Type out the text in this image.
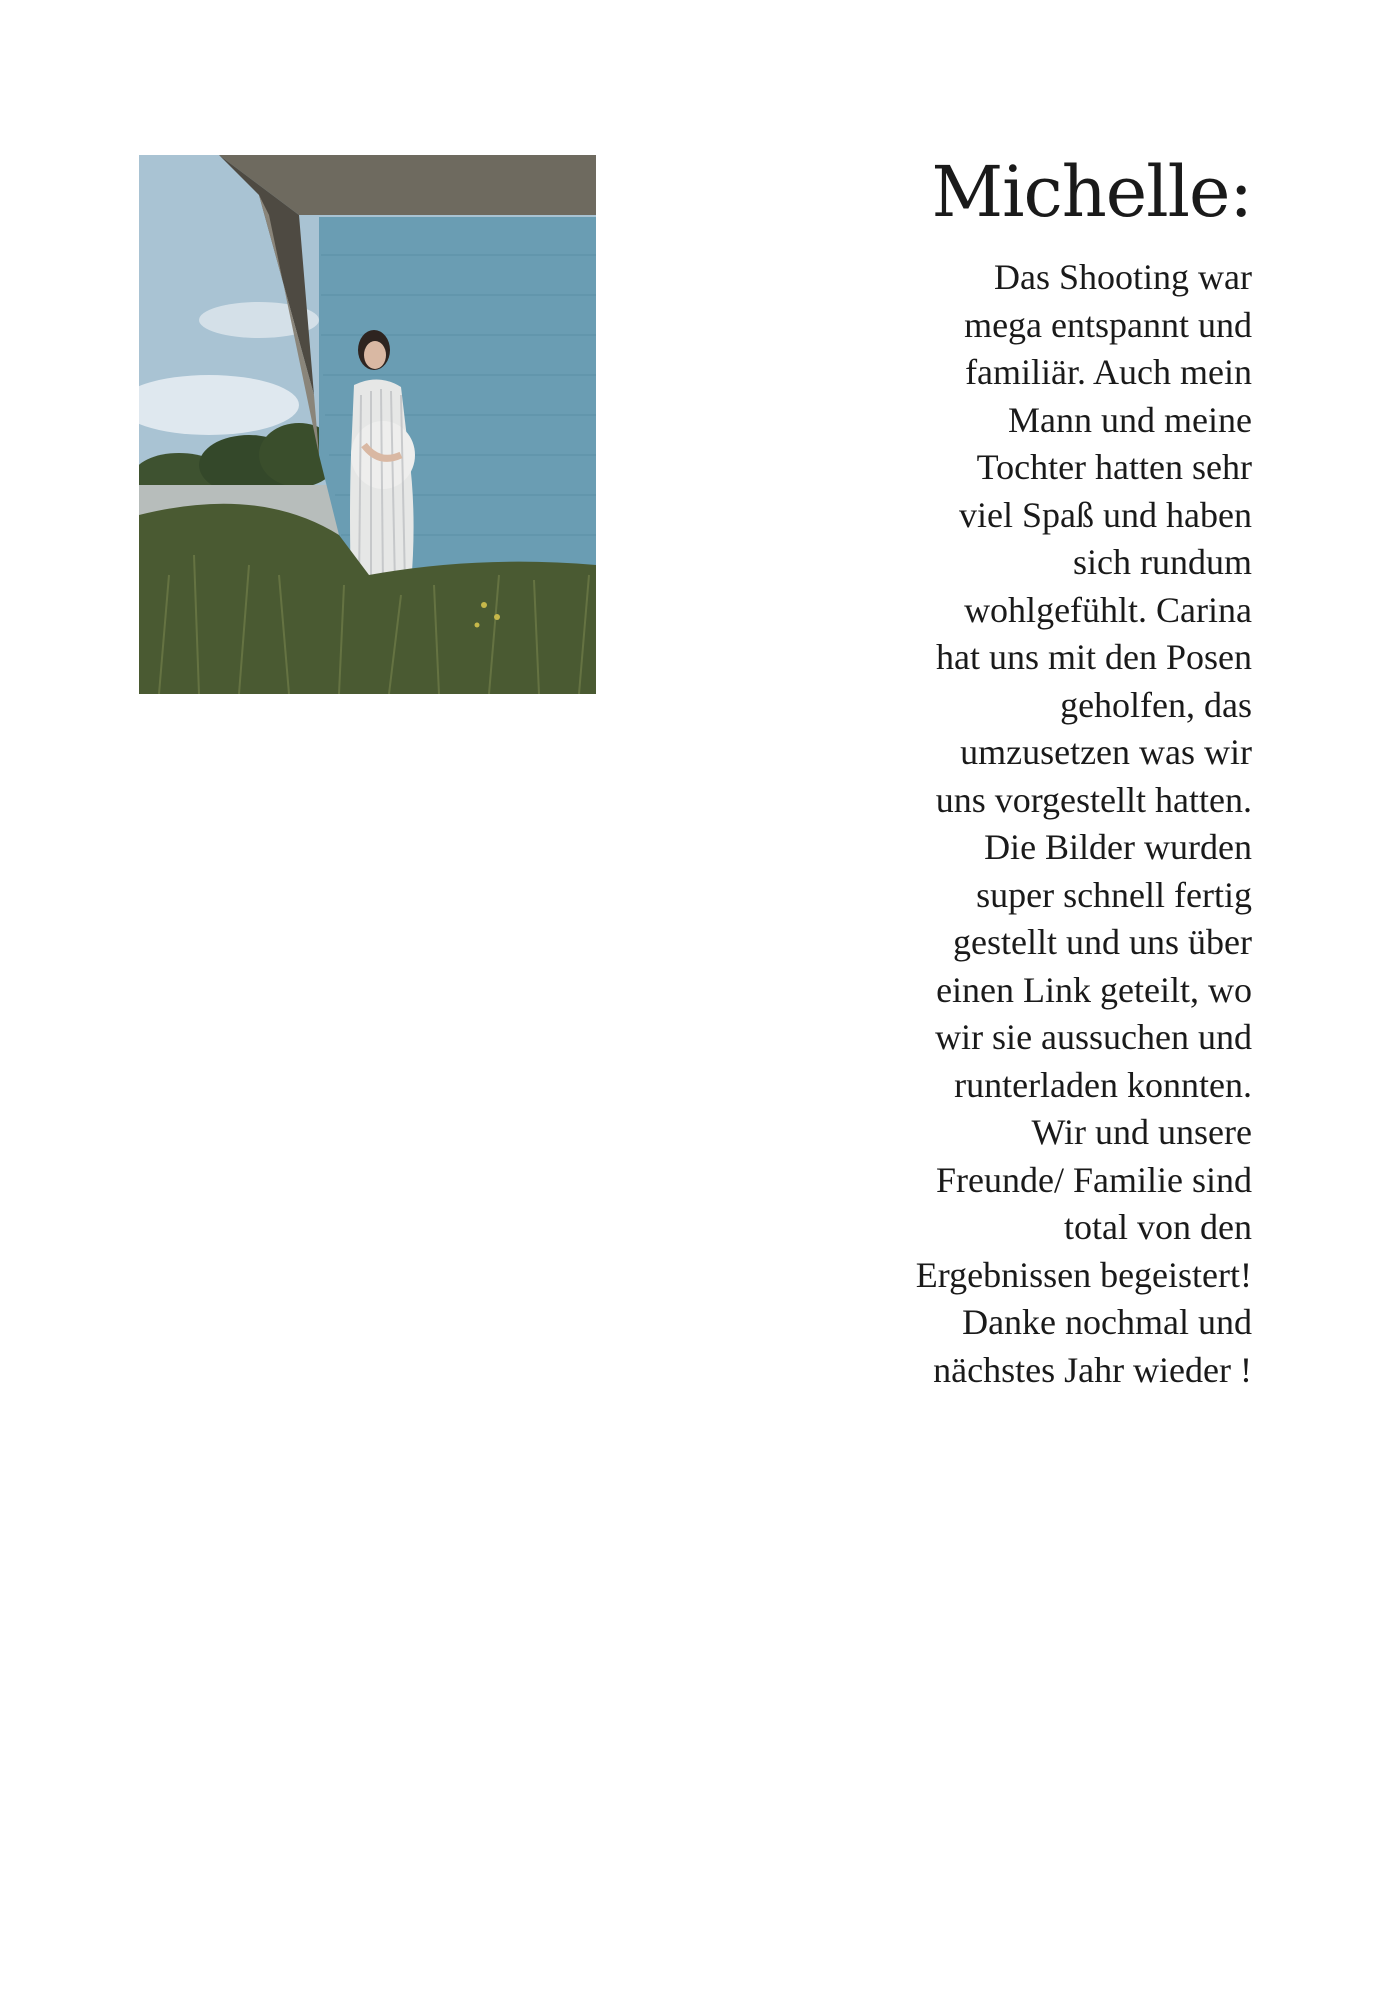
Michelle:
Das Shooting war
mega entspannt und
familiär. Auch mein
Mann und meine
Tochter hatten sehr
viel Spaß und haben
sich rundum
wohlgefühlt. Carina
hat uns mit den Posen
geholfen, das
umzusetzen was wir
uns vorgestellt hatten.
Die Bilder wurden
super schnell fertig
gestellt und uns über
einen Link geteilt, wo
wir sie aussuchen und
runterladen konnten.
Wir und unsere
Freunde/ Familie sind
total von den
Ergebnissen begeistert!
Danke nochmal und
nächstes Jahr wieder !
